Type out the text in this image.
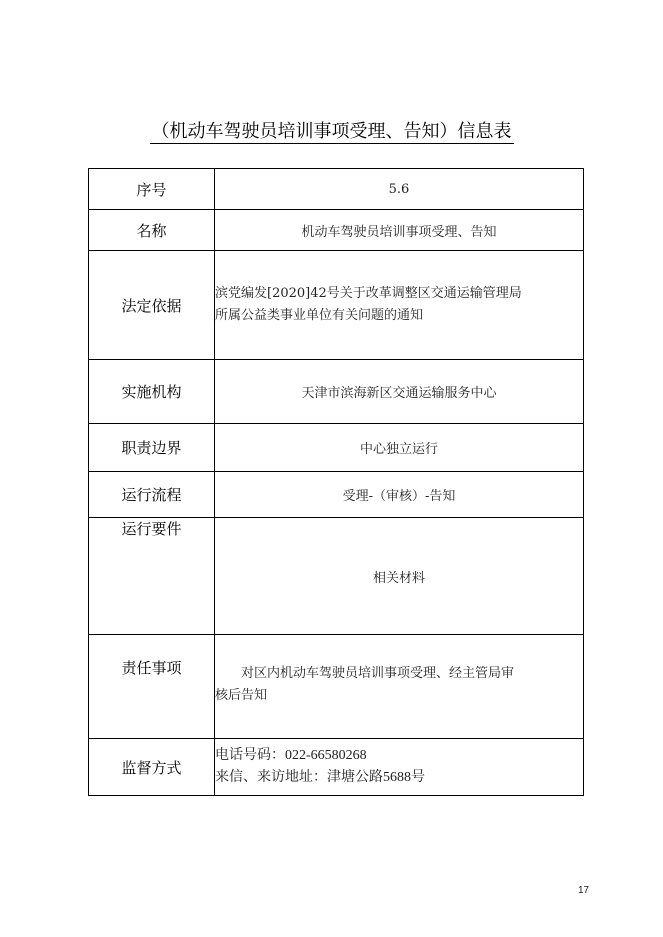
（机动车驾驶员培训事项受理、告知）信息表
序号	5.6
名称	机动车驾驶员培训事项受理、告知
法定依据	滨党编发[2020]42号关于改革调整区交通运输管理局
所属公益类事业单位有关问题的通知

实施机构	天津市滨海新区交通运输服务中心
职责边界	中心独立运行
运行流程	受理-（审核）-告知
运行要件	相关材料
责任事项	对区内机动车驾驶员培训事项受理、经主管局审
核后告知

监督方式	电话号码：022-66580268
来信、来访地址：津塘公路5688号
17
